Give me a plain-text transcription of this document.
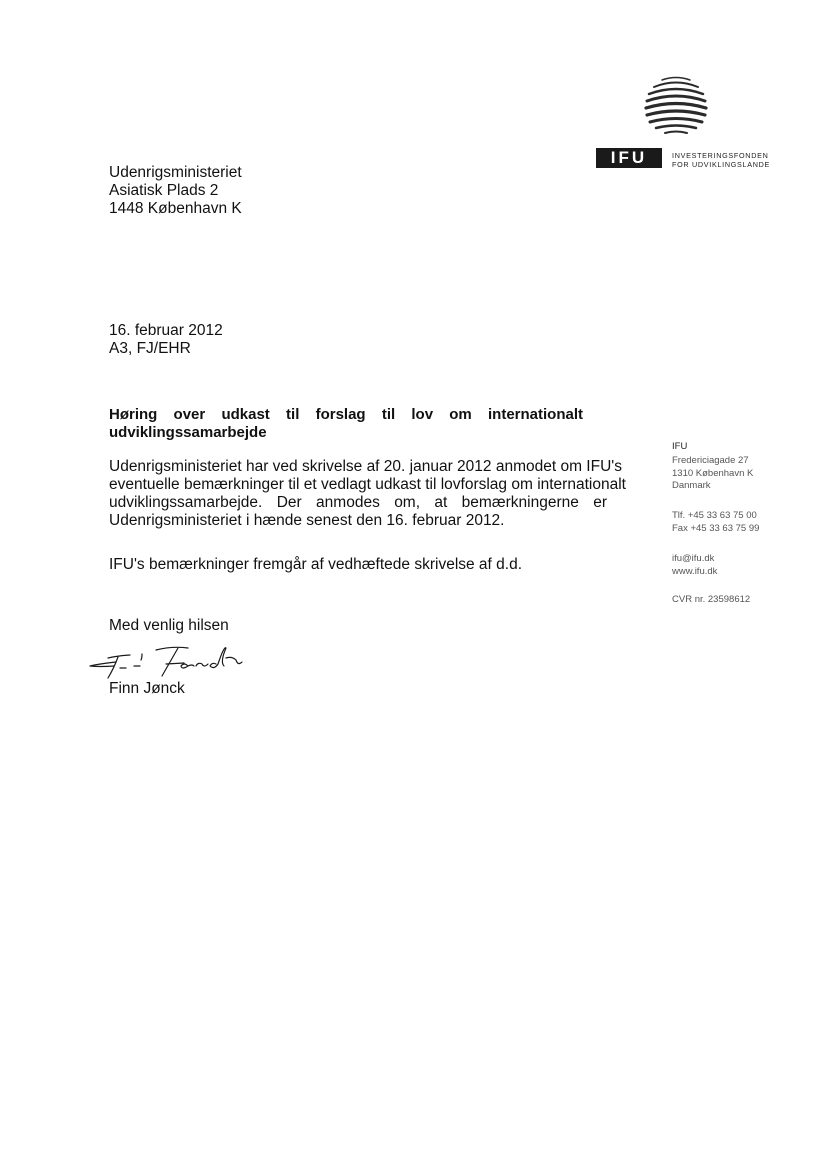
IFU	INVESTERINGSFONDEN
FOR UDVIKLINGSLANDE
Udenrigsministeriet
Asiatisk Plads 2
1448 København K
16. februar 2012
A3, FJ/EHR
Høring over udkast til forslag til lov om internationalt
udviklingssamarbejde
Udenrigsministeriet har ved skrivelse af 20. januar 2012 anmodet om IFU's
eventuelle bemærkninger til et vedlagt udkast til lovforslag om internationalt
udviklingssamarbejde. Der anmodes om, at bemærkningerne er
Udenrigsministeriet i hænde senest den 16. februar 2012.
IFU's bemærkninger fremgår af vedhæftede skrivelse af d.d.
Med venlig hilsen
Finn Jønck
IFU
Fredericiagade 27
1310 København K
Danmark
Tlf. +45 33 63 75 00
Fax +45 33 63 75 99
ifu@ifu.dk
www.ifu.dk
CVR nr. 23598612
